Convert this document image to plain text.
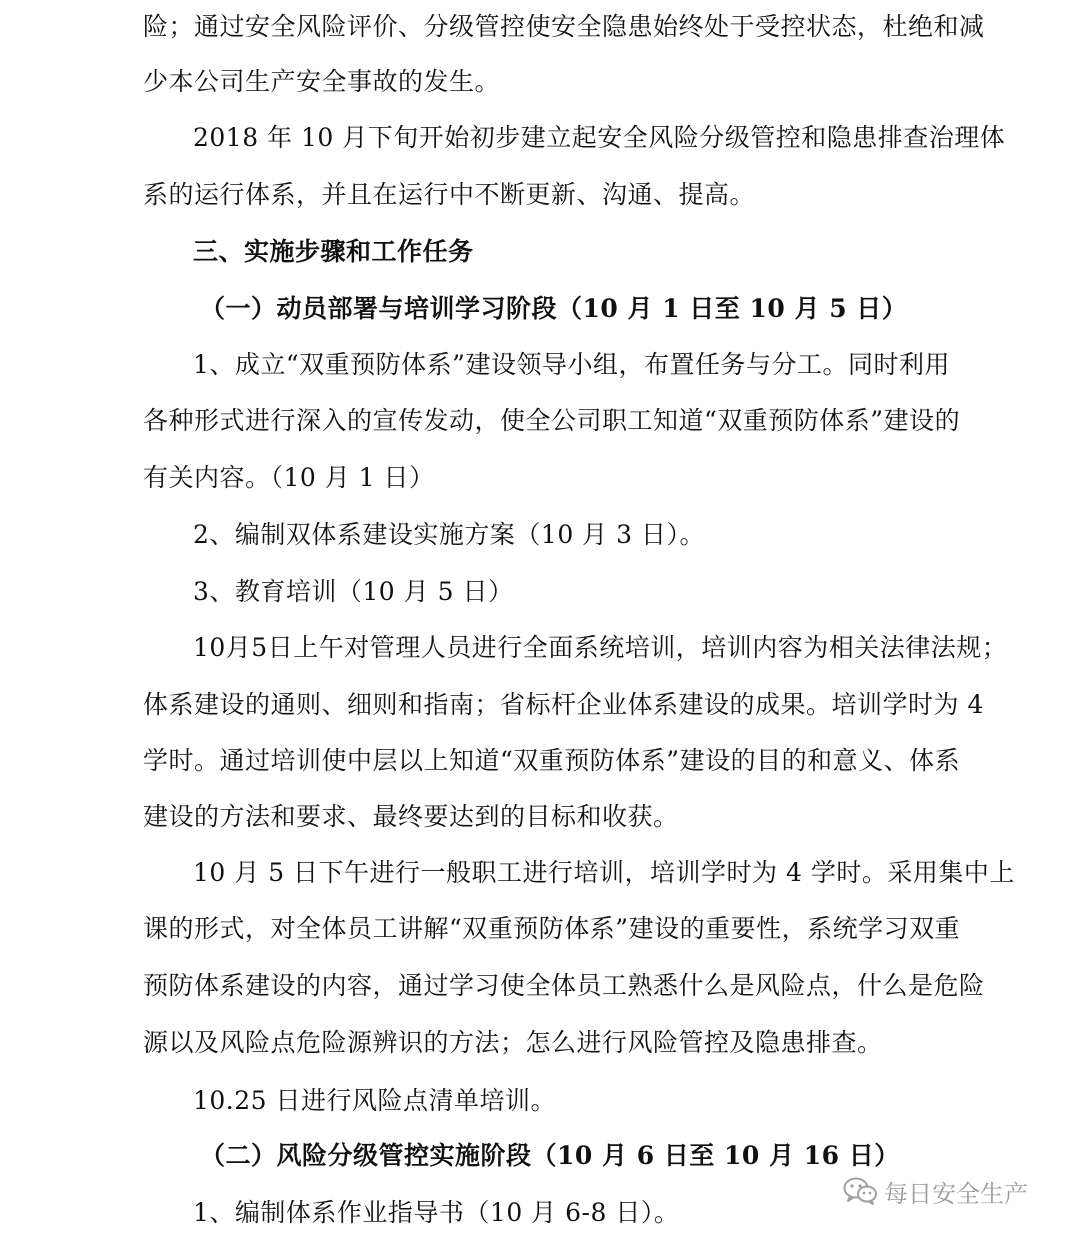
险；通过安全风险评价、分级管控使安全隐患始终处于受控状态，杜绝和减
少本公司生产安全事故的发生。
2018 年 10 月下旬开始初步建立起安全风险分级管控和隐患排查治理体
系的运行体系，并且在运行中不断更新、沟通、提高。
三、实施步骤和工作任务
（一）动员部署与培训学习阶段（10 月 1 日至 10 月 5 日）
1、成立“双重预防体系”建设领导小组，布置任务与分工。同时利用
各种形式进行深入的宣传发动，使全公司职工知道“双重预防体系”建设的
有关内容。（10 月 1 日）
2、编制双体系建设实施方案（10 月 3 日）。
3、教育培训（10 月 5 日）
10月5日上午对管理人员进行全面系统培训，培训内容为相关法律法规；
体系建设的通则、细则和指南；省标杆企业体系建设的成果。培训学时为 4
学时。通过培训使中层以上知道“双重预防体系”建设的目的和意义、体系
建设的方法和要求、最终要达到的目标和收获。
10 月 5 日下午进行一般职工进行培训，培训学时为 4 学时。采用集中上
课的形式，对全体员工讲解“双重预防体系”建设的重要性，系统学习双重
预防体系建设的内容，通过学习使全体员工熟悉什么是风险点，什么是危险
源以及风险点危险源辨识的方法；怎么进行风险管控及隐患排查。
10.25 日进行风险点清单培训。
（二）风险分级管控实施阶段（10 月 6 日至 10 月 16 日）
1、编制体系作业指导书（10 月 6-8 日）。
每日安全生产
